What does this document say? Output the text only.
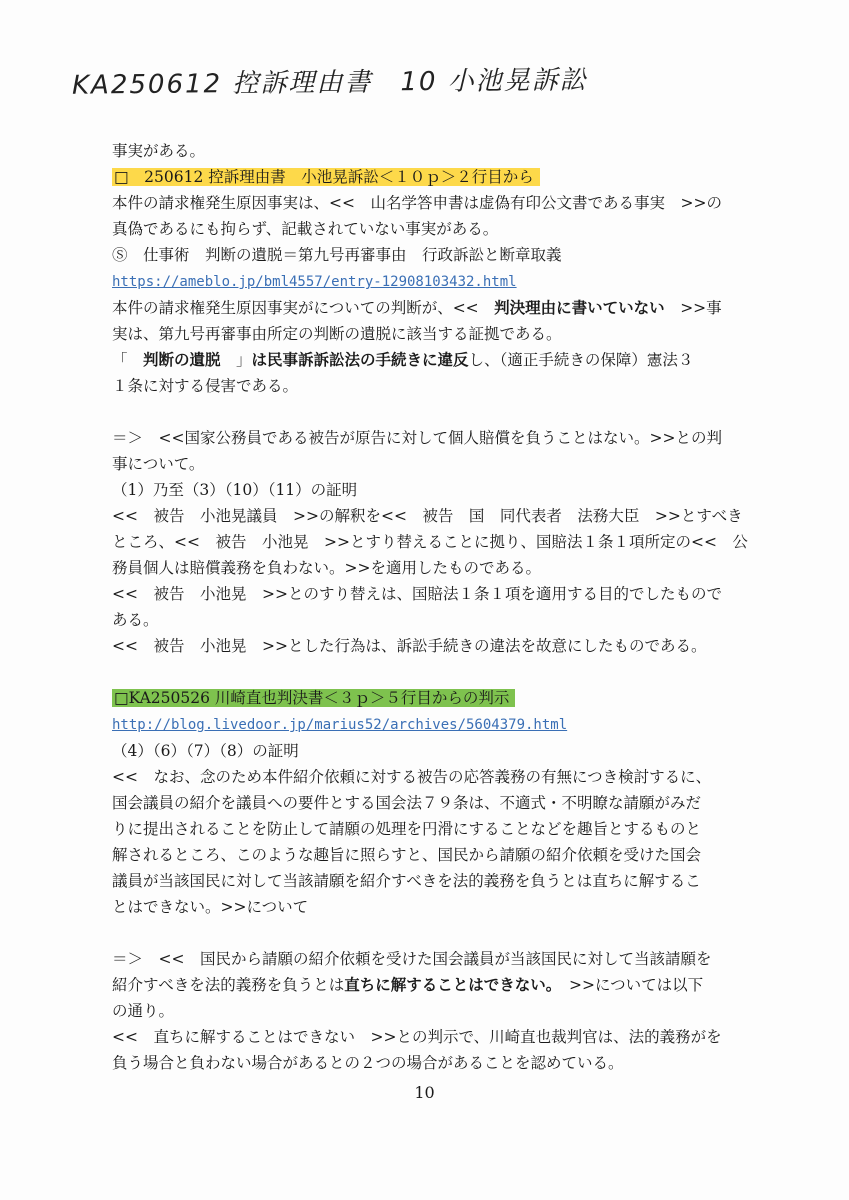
KA250612 控訴理由書　10 小池晃訴訟
事実がある。
□　250612 控訴理由書　小池晃訴訟＜１０ｐ＞２行目から
本件の請求権発生原因事実は、<<　山名学答申書は虚偽有印公文書である事実　>>の
真偽であるにも拘らず、記載されていない事実がある。
Ⓢ　仕事術　判断の遺脱＝第九号再審事由　行政訴訟と断章取義
https://ameblo.jp/bml4557/entry-12908103432.html
本件の請求権発生原因事実がについての判断が、<<　判決理由に書いていない　>>事
実は、第九号再審事由所定の判断の遺脱に該当する証拠である。
「　判断の遺脱　」は民事訴訴訟法の手続きに違反し、（適正手続きの保障）憲法３
１条に対する侵害である。
＝＞　<<国家公務員である被告が原告に対して個人賠償を負うことはない。>>との判
事について。
（1）乃至（3）（10）（11）の証明
<<　被告　小池晃議員　>>の解釈を<<　被告　国　同代表者　法務大臣　>>とすべき
ところ、<<　被告　小池晃　>>とすり替えることに拠り、国賠法１条１項所定の<<　公
務員個人は賠償義務を負わない。>>を適用したものである。
<<　被告　小池晃　>>とのすり替えは、国賠法１条１項を適用する目的でしたもので
ある。
<<　被告　小池晃　>>とした行為は、訴訟手続きの違法を故意にしたものである。
□KA250526 川崎直也判決書＜３ｐ＞５行目からの判示
http://blog.livedoor.jp/marius52/archives/5604379.html
（4）（6）（7）（8）の証明
<<　なお、念のため本件紹介依頼に対する被告の応答義務の有無につき検討するに、
国会議員の紹介を議員への要件とする国会法７９条は、不適式・不明瞭な請願がみだ
りに提出されることを防止して請願の処理を円滑にすることなどを趣旨とするものと
解されるところ、このような趣旨に照らすと、国民から請願の紹介依頼を受けた国会
議員が当該国民に対して当該請願を紹介すべきを法的義務を負うとは直ちに解するこ
とはできない。>>について
＝＞　<<　国民から請願の紹介依頼を受けた国会議員が当該国民に対して当該請願を
紹介すべきを法的義務を負うとは直ちに解することはできない。　>>については以下
の通り。
<<　直ちに解することはできない　>>との判示で、川崎直也裁判官は、法的義務がを
負う場合と負わない場合があるとの２つの場合があることを認めている。
10
